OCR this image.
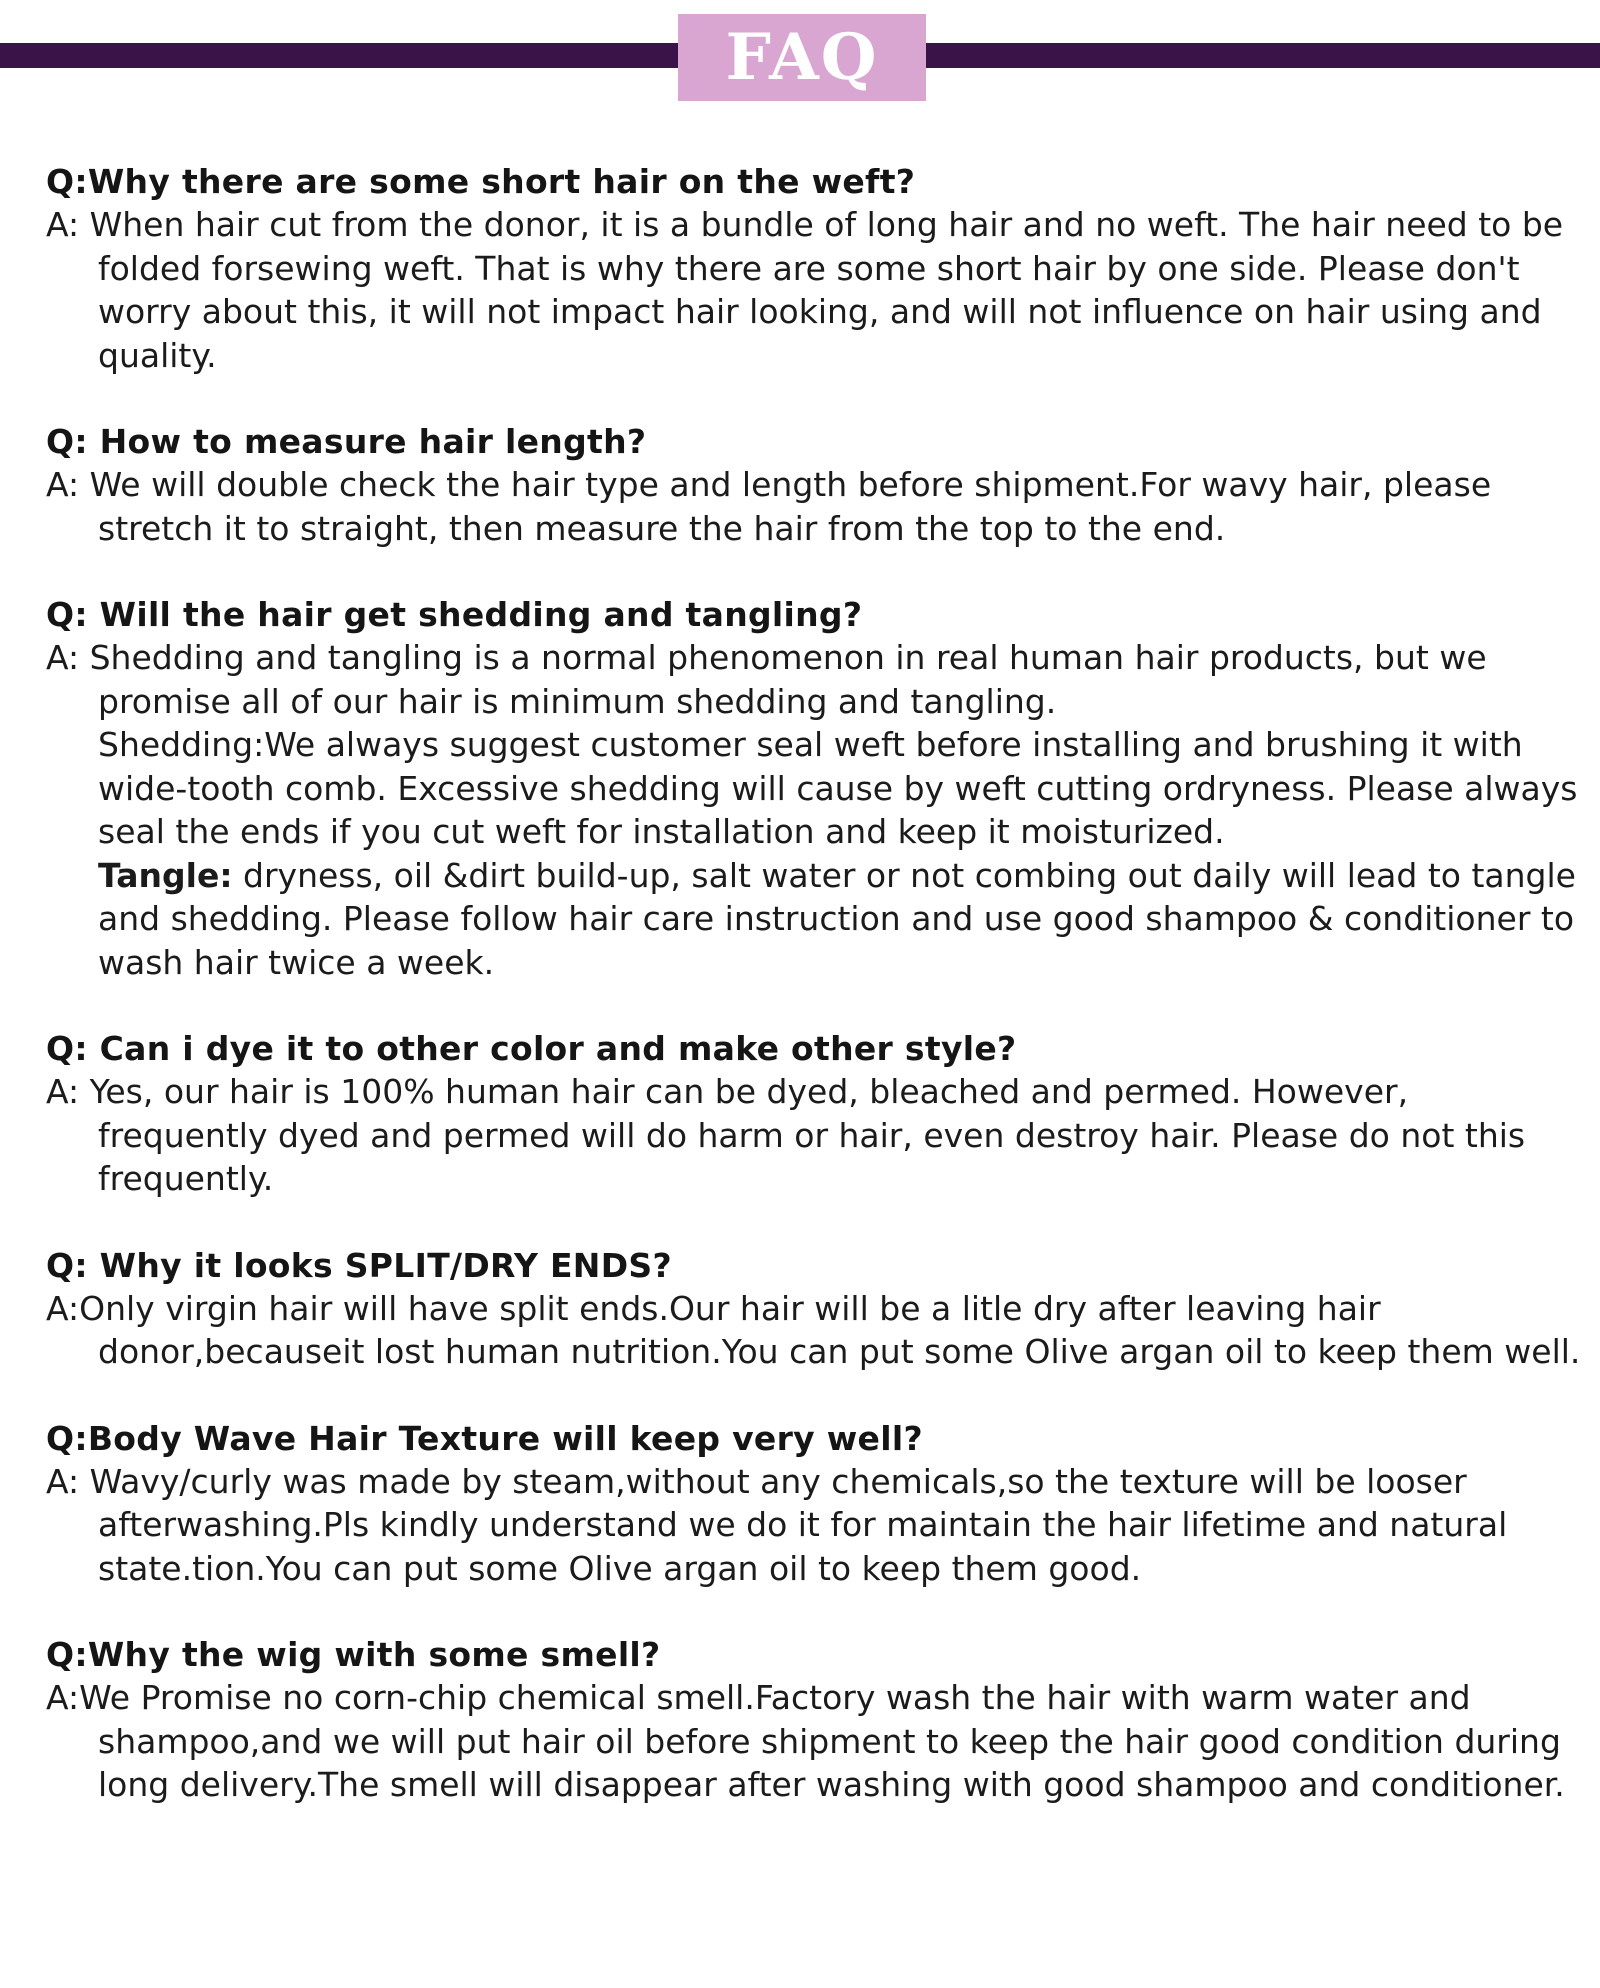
FAQ
Q:Why there are some short hair on the weft?
A: When hair cut from the donor, it is a bundle of long hair and no weft. The hair need to be folded forsewing weft. That is why there are some short hair by one side. Please don't worry about this, it will not impact hair looking, and will not influence on hair using and quality.
Q: How to measure hair length?
A: We will double check the hair type and length before shipment.For wavy hair, please stretch it to straight, then measure the hair from the top to the end.
Q: Will the hair get shedding and tangling?
A: Shedding and tangling is a normal phenomenon in real human hair products, but we promise all of our hair is minimum shedding and tangling.
Shedding:We always suggest customer seal weft before installing and brushing it with wide-tooth comb. Excessive shedding will cause by weft cutting ordryness. Please always seal the ends if you cut weft for installation and keep it moisturized.
Tangle: dryness, oil &dirt build-up, salt water or not combing out daily will lead to tangle and shedding. Please follow hair care instruction and use good shampoo & conditioner to wash hair twice a week.
Q: Can i dye it to other color and make other style?
A: Yes, our hair is 100% human hair can be dyed, bleached and permed. However, frequently dyed and permed will do harm or hair, even destroy hair. Please do not this frequently.
Q: Why it looks SPLIT/DRY ENDS?
A:Only virgin hair will have split ends.Our hair will be a litle dry after leaving hair donor,becauseit lost human nutrition.You can put some Olive argan oil to keep them well.
Q:Body Wave Hair Texture will keep very well?
A: Wavy/curly was made by steam,without any chemicals,so the texture will be looser afterwashing.Pls kindly understand we do it for maintain the hair lifetime and natural state.tion.You can put some Olive argan oil to keep them good.
Q:Why the wig with some smell?
A:We Promise no corn-chip chemical smell.Factory wash the hair with warm water and shampoo,and we will put hair oil before shipment to keep the hair good condition during long delivery.The smell will disappear after washing with good shampoo and conditioner.
